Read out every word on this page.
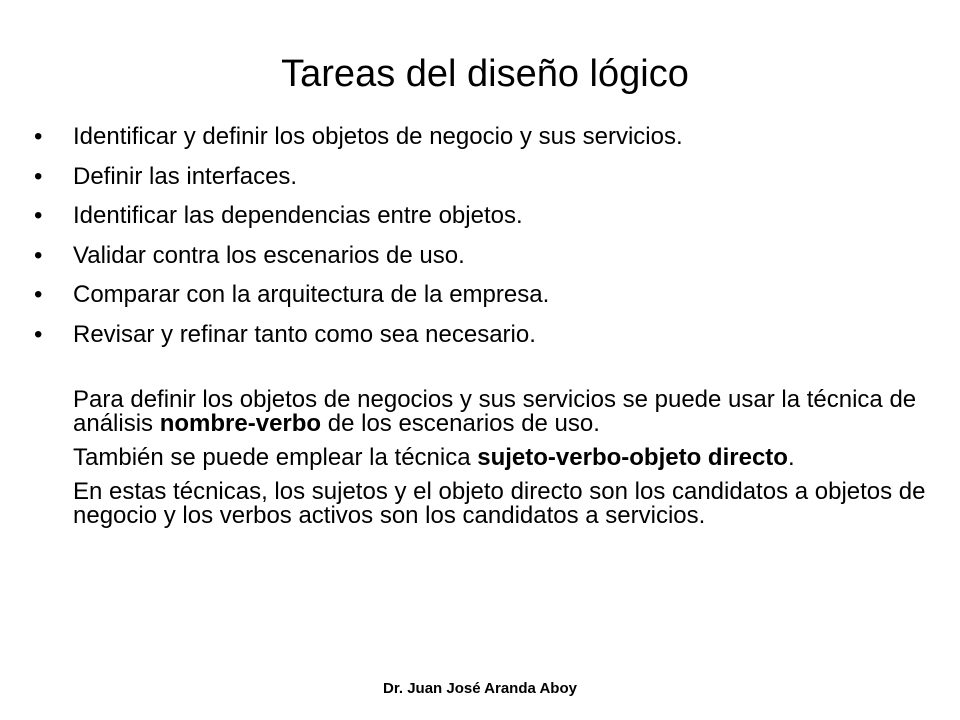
Tareas del diseño lógico
• Identificar y definir los objetos de negocio y sus servicios.
• Definir las interfaces.
• Identificar las dependencias entre objetos.
• Validar contra los escenarios de uso.
• Comparar con la arquitectura de la empresa.
• Revisar y refinar tanto como sea necesario.

Para definir los objetos de negocios y sus servicios se puede usar la técnica de análisis nombre-verbo de los escenarios de uso.

También se puede emplear la técnica sujeto-verbo-objeto directo.

En estas técnicas, los sujetos y el objeto directo son los candidatos a objetos de negocio y los verbos activos son los candidatos a servicios.

Dr. Juan José Aranda Aboy
